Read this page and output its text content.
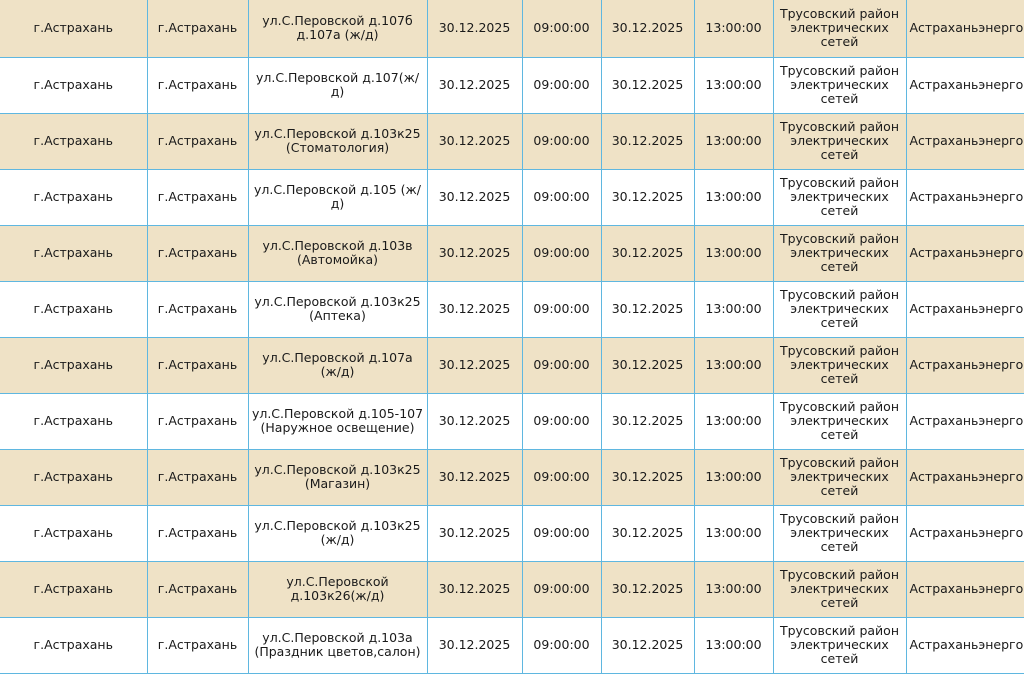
г.Астрахань	г.Астрахань	ул.С.Перовской д.107б д.107а (ж/д)	30.12.2025	09:00:00	30.12.2025	13:00:00	Трусовский район электрических сетей	Астраханьэнерго
г.Астрахань	г.Астрахань	ул.С.Перовской д.107(ж/д)	30.12.2025	09:00:00	30.12.2025	13:00:00	Трусовский район электрических сетей	Астраханьэнерго
г.Астрахань	г.Астрахань	ул.С.Перовской д.103к25 (Стоматология)	30.12.2025	09:00:00	30.12.2025	13:00:00	Трусовский район электрических сетей	Астраханьэнерго
г.Астрахань	г.Астрахань	ул.С.Перовской д.105 (ж/д)	30.12.2025	09:00:00	30.12.2025	13:00:00	Трусовский район электрических сетей	Астраханьэнерго
г.Астрахань	г.Астрахань	ул.С.Перовской д.103в (Автомойка)	30.12.2025	09:00:00	30.12.2025	13:00:00	Трусовский район электрических сетей	Астраханьэнерго
г.Астрахань	г.Астрахань	ул.С.Перовской д.103к25 (Аптека)	30.12.2025	09:00:00	30.12.2025	13:00:00	Трусовский район электрических сетей	Астраханьэнерго
г.Астрахань	г.Астрахань	ул.С.Перовской д.107а (ж/д)	30.12.2025	09:00:00	30.12.2025	13:00:00	Трусовский район электрических сетей	Астраханьэнерго
г.Астрахань	г.Астрахань	ул.С.Перовской д.105-107 (Наружное освещение)	30.12.2025	09:00:00	30.12.2025	13:00:00	Трусовский район электрических сетей	Астраханьэнерго
г.Астрахань	г.Астрахань	ул.С.Перовской д.103к25 (Магазин)	30.12.2025	09:00:00	30.12.2025	13:00:00	Трусовский район электрических сетей	Астраханьэнерго
г.Астрахань	г.Астрахань	ул.С.Перовской д.103к25 (ж/д)	30.12.2025	09:00:00	30.12.2025	13:00:00	Трусовский район электрических сетей	Астраханьэнерго
г.Астрахань	г.Астрахань	ул.С.Перовской д.103к26(ж/д)	30.12.2025	09:00:00	30.12.2025	13:00:00	Трусовский район электрических сетей	Астраханьэнерго
г.Астрахань	г.Астрахань	ул.С.Перовской д.103а (Праздник цветов,салон)	30.12.2025	09:00:00	30.12.2025	13:00:00	Трусовский район электрических сетей	Астраханьэнерго
